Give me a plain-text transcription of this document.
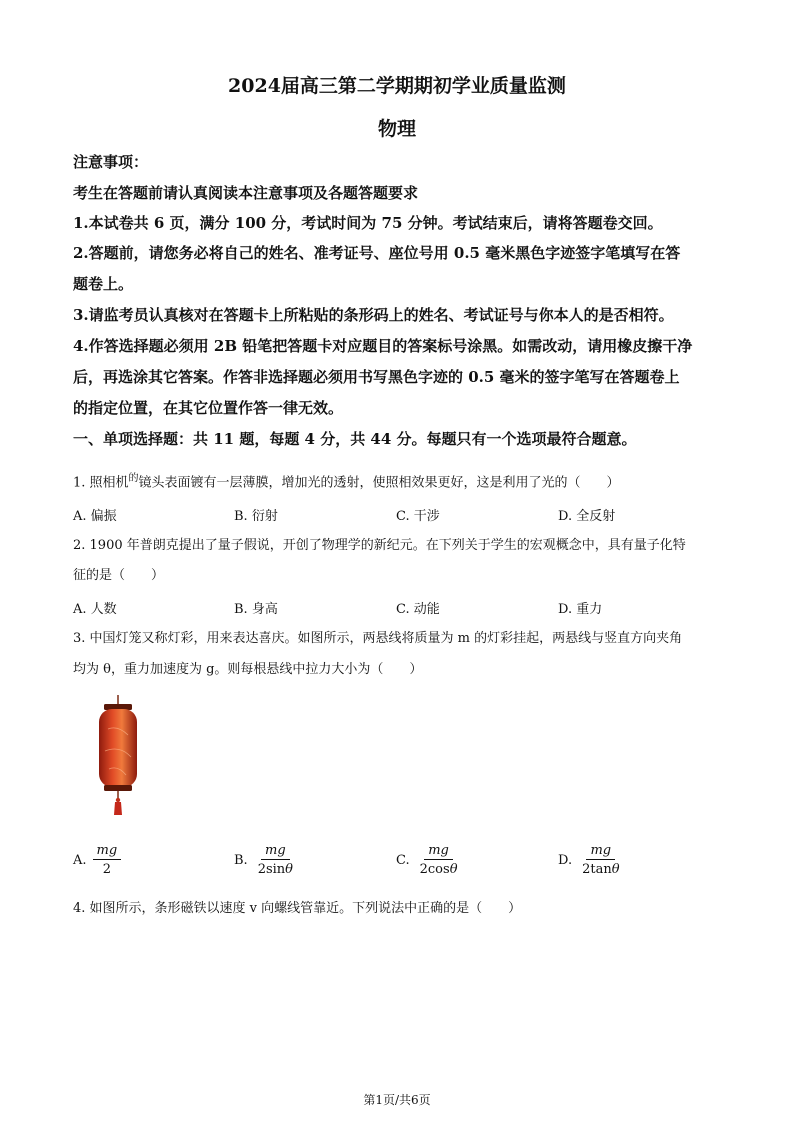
2024届高三第二学期期初学业质量监测
物理
注意事项：
考生在答题前请认真阅读本注意事项及各题答题要求
1.本试卷共 6 页，满分 100 分，考试时间为 75 分钟。考试结束后，请将答题卷交回。
2.答题前，请您务必将自己的姓名、准考证号、座位号用 0.5 毫米黑色字迹签字笔填写在答
题卷上。
3.请监考员认真核对在答题卡上所粘贴的条形码上的姓名、考试证号与你本人的是否相符。
4.作答选择题必须用 2B 铅笔把答题卡对应题目的答案标号涂黑。如需改动，请用橡皮擦干净
后，再选涂其它答案。作答非选择题必须用书写黑色字迹的 0.5 毫米的签字笔写在答题卷上
的指定位置，在其它位置作答一律无效。
一、单项选择题：共 11 题，每题 4 分，共 44 分。每题只有一个选项最符合题意。
1. 照相机$^的$镜头表面镀有一层薄膜，增加光的透射，使照相效果更好，这是利用了光的（　　）
A. 偏振	B. 衍射	C. 干涉	D. 全反射
2. 1900 年普朗克提出了量子假说，开创了物理学的新纪元。在下列关于学生的宏观概念中，具有量子化特
征的是（　　）
A. 人数	B. 身高	C. 动能	D. 重力
3. 中国灯笼又称灯彩，用来表达喜庆。如图所示，两悬线将质量为 m 的灯彩挂起，两悬线与竖直方向夹角
均为 θ，重力加速度为 g。则每根悬线中拉力大小为（　　）
A. $\frac{mg}{2}$	B. $\frac{mg}{2\sin\theta}$	C. $\frac{mg}{2\cos\theta}$	D. $\frac{mg}{2\tan\theta}$
4. 如图所示，条形磁铁以速度 v 向螺线管靠近。下列说法中正确的是（　　）
第1页/共6页
